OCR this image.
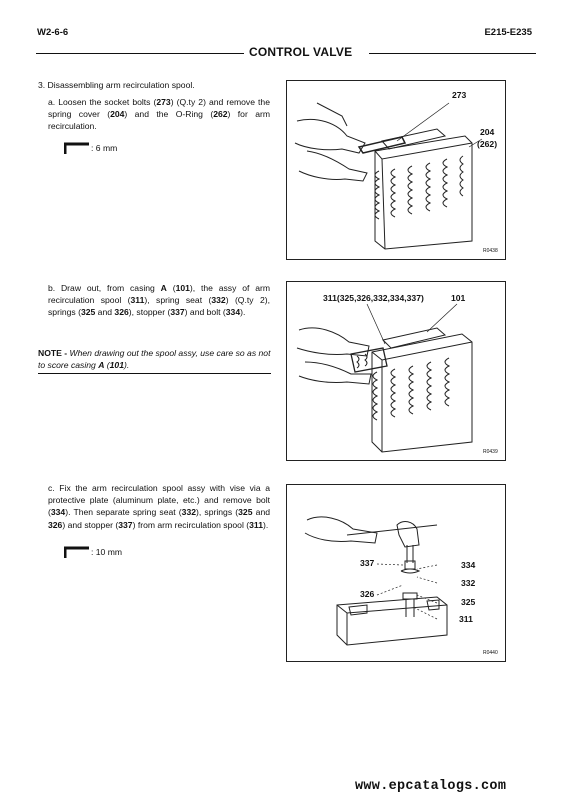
W2-6-6	E215-E235
CONTROL VALVE
3. Disassembling arm recirculation spool.
a. Loosen the socket bolts (273) (Q.ty 2) and remove the spring cover (204) and the O-Ring (262) for arm recirculation.
: 6 mm
b. Draw out, from casing A (101), the assy of arm recirculation spool (311), spring seat (332) (Q.ty 2), springs (325 and 326), stopper (337) and bolt (334).
NOTE - When drawing out the spool assy, use care so as not to score casing A (101).
c. Fix the arm recirculation spool assy with vise via a protective plate (aluminum plate, etc.) and remove bolt (334). Then separate spring seat (332), springs (325 and 326) and stopper (337) from arm recirculation spool (311).
: 10 mm
273
204
(262)
R0438
311(325,326,332,334,337)	101
R0439
337
326
334
332
325
311
R0440
www.epcatalogs.com
